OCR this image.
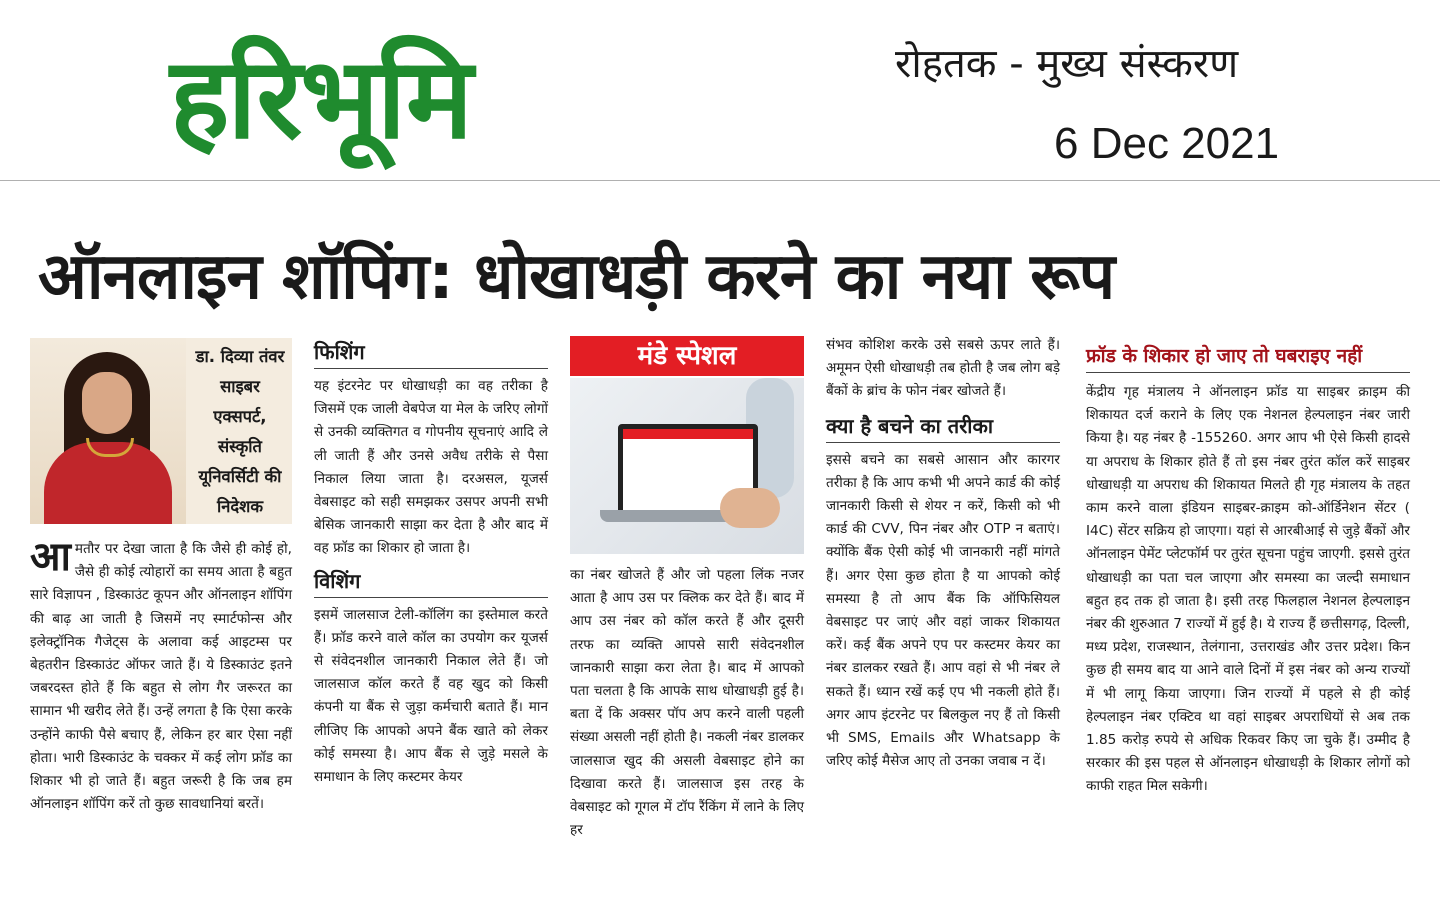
हरिभूमि	रोहतक - मुख्य संस्करण
6 Dec 2021
ऑनलाइन शॉपिंग: धोखाधड़ी करने का नया रूप
डा. दिव्या तंवर
साइबर
एक्सपर्ट,
संस्कृति
यूनिवर्सिटी की
निदेशक

आमतौर पर देखा जाता है कि जैसे ही कोई हो, जैसे ही कोई त्योहारों का समय आता है बहुत सारे विज्ञापन , डिस्काउंट कूपन और ऑनलाइन शॉपिंग की बाढ़ आ जाती है जिसमें नए स्मार्टफोन्स और इलेक्ट्रॉनिक गैजेट्स के अलावा कई आइटम्स पर बेहतरीन डिस्काउंट ऑफर जाते हैं। ये डिस्काउंट इतने जबरदस्त होते हैं कि बहुत से लोग गैर जरूरत का सामान भी खरीद लेते हैं। उन्हें लगता है कि ऐसा करके उन्होंने काफी पैसे बचाए हैं, लेकिन हर बार ऐसा नहीं होता। भारी डिस्काउंट के चक्कर में कई लोग फ्रॉड का शिकार भी हो जाते हैं। बहुत जरूरी है कि जब हम ऑनलाइन शॉपिंग करें तो कुछ सावधानियां बरतें।

फिशिंग

यह इंटरनेट पर धोखाधड़ी का वह तरीका है जिसमें एक जाली वेबपेज या मेल के जरिए लोगों से उनकी व्यक्तिगत व गोपनीय सूचनाएं आदि ले ली जाती हैं और उनसे अवैध तरीके से पैसा निकाल लिया जाता है। दरअसल, यूजर्स वेबसाइट को सही समझकर उसपर अपनी सभी बेसिक जानकारी साझा कर देता है और बाद में वह फ्रॉड का शिकार हो जाता है।

विशिंग

इसमें जालसाज टेली-कॉलिंग का इस्तेमाल करते हैं। फ्रॉड करने वाले कॉल का उपयोग कर यूजर्स से संवेदनशील जानकारी निकाल लेते हैं। जो जालसाज कॉल करते हैं वह खुद को किसी कंपनी या बैंक से जुड़ा कर्मचारी बताते हैं। मान लीजिए कि आपको अपने बैंक खाते को लेकर कोई समस्या है। आप बैंक से जुड़े मसले के समाधान के लिए कस्टमर केयर

मंडे स्पेशल

का नंबर खोजते हैं और जो पहला लिंक नजर आता है आप उस पर क्लिक कर देते हैं। बाद में आप उस नंबर को कॉल करते हैं और दूसरी तरफ का व्यक्ति आपसे सारी संवेदनशील जानकारी साझा करा लेता है। बाद में आपको पता चलता है कि आपके साथ धोखाधड़ी हुई है। बता दें कि अक्सर पॉप अप करने वाली पहली संख्या असली नहीं होती है। नकली नंबर डालकर जालसाज खुद की असली वेबसाइट होने का दिखावा करते हैं। जालसाज इस तरह के वेबसाइट को गूगल में टॉप रैंकिंग में लाने के लिए हर

संभव कोशिश करके उसे सबसे ऊपर लाते हैं। अमूमन ऐसी धोखाधड़ी तब होती है जब लोग बड़े बैंकों के ब्रांच के फोन नंबर खोजते हैं।

क्या है बचने का तरीका

इससे बचने का सबसे आसान और कारगर तरीका है कि आप कभी भी अपने कार्ड की कोई जानकारी किसी से शेयर न करें, किसी को भी कार्ड की CVV, पिन नंबर और OTP न बताएं। क्योंकि बैंक ऐसी कोई भी जानकारी नहीं मांगते हैं। अगर ऐसा कुछ होता है या आपको कोई समस्या है तो आप बैंक कि ऑफिसियल वेबसाइट पर जाएं और वहां जाकर शिकायत करें। कई बैंक अपने एप पर कस्टमर केयर का नंबर डालकर रखते हैं। आप वहां से भी नंबर ले सकते हैं। ध्यान रखें कई एप भी नकली होते हैं। अगर आप इंटरनेट पर बिलकुल नए हैं तो किसी भी SMS, Emails और Whatsapp के जरिए कोई मैसेज आए तो उनका जवाब न दें।

फ्रॉड के शिकार हो जाए तो घबराइए नहीं

केंद्रीय गृह मंत्रालय ने ऑनलाइन फ्रॉड या साइबर क्राइम की शिकायत दर्ज कराने के लिए एक नेशनल हेल्पलाइन नंबर जारी किया है। यह नंबर है -155260. अगर आप भी ऐसे किसी हादसे या अपराध के शिकार होते हैं तो इस नंबर तुरंत कॉल करें साइबर धोखाधड़ी या अपराध की शिकायत मिलते ही गृह मंत्रालय के तहत काम करने वाला इंडियन साइबर-क्राइम को-ऑर्डिनेशन सेंटर ( I4C) सेंटर सक्रिय हो जाएगा। यहां से आरबीआई से जुड़े बैंकों और ऑनलाइन पेमेंट प्लेटफॉर्म पर तुरंत सूचना पहुंच जाएगी. इससे तुरंत धोखाधड़ी का पता चल जाएगा और समस्या का जल्दी समाधान बहुत हद तक हो जाता है। इसी तरह फिलहाल नेशनल हेल्पलाइन नंबर की शुरुआत 7 राज्यों में हुई है। ये राज्य हैं छत्तीसगढ़, दिल्ली, मध्य प्रदेश, राजस्थान, तेलंगाना, उत्तराखंड और उत्तर प्रदेश। किन कुछ ही समय बाद या आने वाले दिनों में इस नंबर को अन्य राज्यों में भी लागू किया जाएगा। जिन राज्यों में पहले से ही कोई हेल्पलाइन नंबर एक्टिव था वहां साइबर अपराधियों से अब तक 1.85 करोड़ रुपये से अधिक रिकवर किए जा चुके हैं। उम्मीद है सरकार की इस पहल से ऑनलाइन धोखाधड़ी के शिकार लोगों को काफी राहत मिल सकेगी।
